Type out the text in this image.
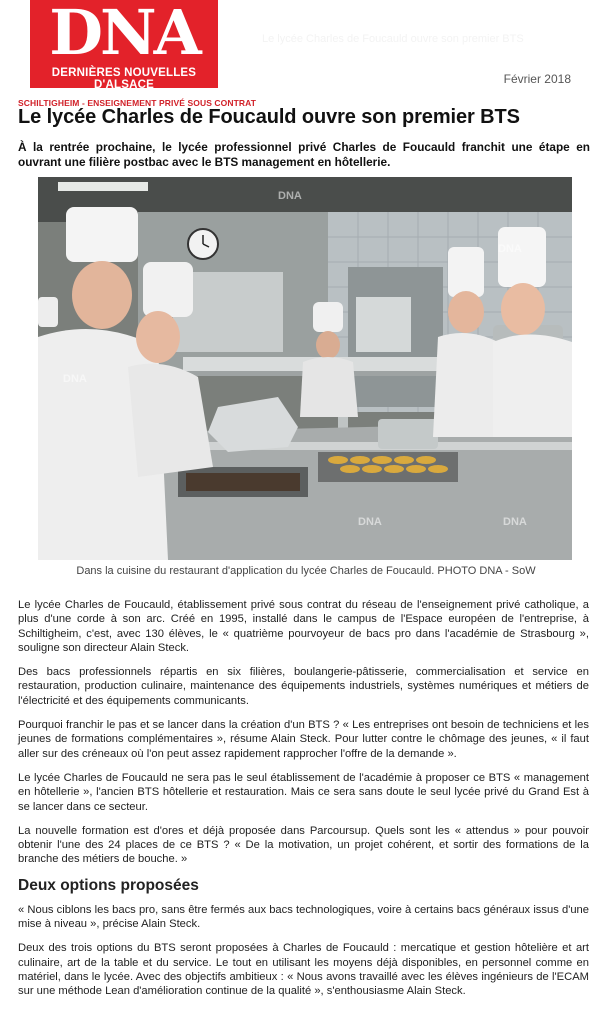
DNA
DERNIÈRES NOUVELLES D'ALSACE
Le lycée Charles de Foucauld ouvre son premier BTS
Février 2018
SCHILTIGHEIM - ENSEIGNEMENT PRIVÉ SOUS CONTRAT
Le lycée Charles de Foucauld ouvre son premier BTS

À la rentrée prochaine, le lycée professionnel privé Charles de Foucauld franchit une étape en ouvrant une filière postbac avec le BTS management en hôtellerie.

DNA
DNA
DNA
DNA	DNA

Dans la cuisine du restaurant d'application du lycée Charles de Foucauld. PHOTO DNA - SoW

Le lycée Charles de Foucauld, établissement privé sous contrat du réseau de l'enseignement privé catholique, a plus d'une corde à son arc. Créé en 1995, installé dans le campus de l'Espace européen de l'entreprise, à Schiltigheim, c'est, avec 130 élèves, le « quatrième pourvoyeur de bacs pro dans l'académie de Strasbourg », souligne son directeur Alain Steck.

Des bacs professionnels répartis en six filières, boulangerie-pâtisserie, commercialisation et service en restauration, production culinaire, maintenance des équipements industriels, systèmes numériques et métiers de l'électricité et des équipements communicants.

Pourquoi franchir le pas et se lancer dans la création d'un BTS ? « Les entreprises ont besoin de techniciens et les jeunes de formations complémentaires », résume Alain Steck. Pour lutter contre le chômage des jeunes, « il faut aller sur des créneaux où l'on peut assez rapidement rapprocher l'offre de la demande ».

Le lycée Charles de Foucauld ne sera pas le seul établissement de l'académie à proposer ce BTS « management en hôtellerie », l'ancien BTS hôtellerie et restauration. Mais ce sera sans doute le seul lycée privé du Grand Est à se lancer dans ce secteur.

La nouvelle formation est d'ores et déjà proposée dans Parcoursup. Quels sont les « attendus » pour pouvoir obtenir l'une des 24 places de ce BTS ? « De la motivation, un projet cohérent, et sortir des formations de la branche des métiers de bouche. »

Deux options proposées

« Nous ciblons les bacs pro, sans être fermés aux bacs technologiques, voire à certains bacs généraux issus d'une mise à niveau », précise Alain Steck.

Deux des trois options du BTS seront proposées à Charles de Foucauld : mercatique et gestion hôtelière et art culinaire, art de la table et du service. Le tout en utilisant les moyens déjà disponibles, en personnel comme en matériel, dans le lycée. Avec des objectifs ambitieux : « Nous avons travaillé avec les élèves ingénieurs de l'ECAM sur une méthode Lean d'amélioration continue de la qualité », s'enthousiasme Alain Steck.
